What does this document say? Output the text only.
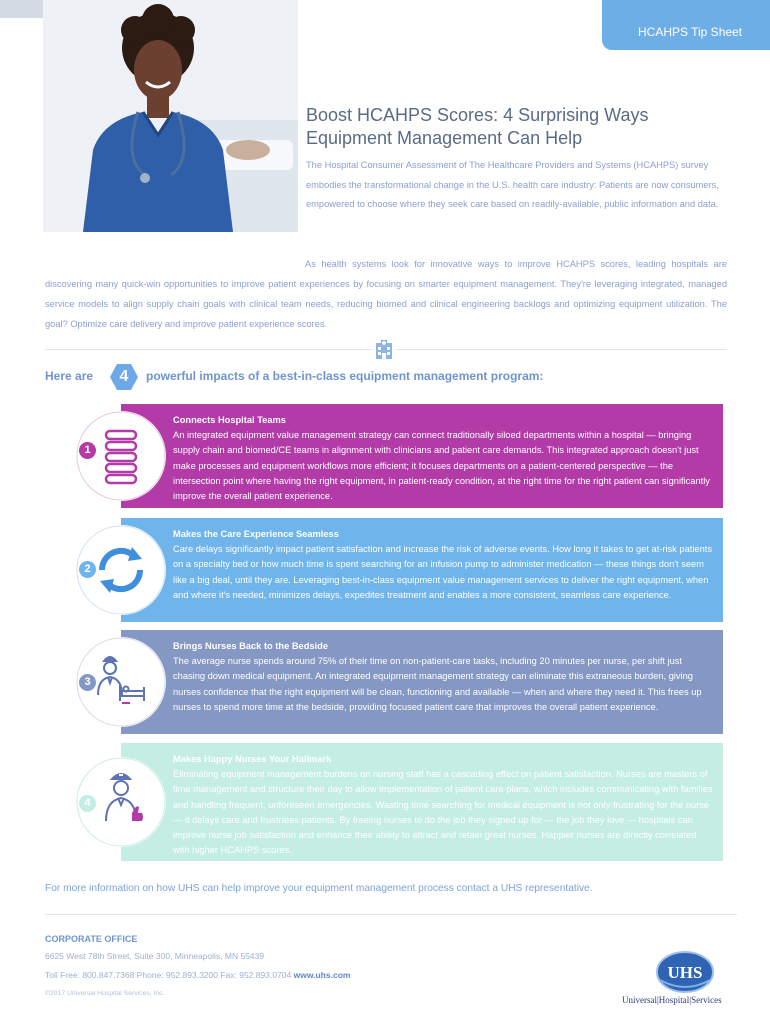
HCAHPS Tip Sheet
Boost HCAHPS Scores: 4 Surprising Ways Equipment Management Can Help
The Hospital Consumer Assessment of The Healthcare Providers and Systems (HCAHPS) survey embodies the transformational change in the U.S. health care industry: Patients are now consumers, empowered to choose where they seek care based on readily-available, public information and data.
As health systems look for innovative ways to improve HCAHPS scores, leading hospitals are discovering many quick-win opportunities to improve patient experiences by focusing on smarter equipment management. They're leveraging integrated, managed service models to align supply chain goals with clinical team needs, reducing biomed and clinical engineering backlogs and optimizing equipment utilization. The goal? Optimize care delivery and improve patient experience scores.
Here are	4	powerful impacts of a best-in-class equipment management program:
Connects Hospital Teams
An integrated equipment value management strategy can connect traditionally siloed departments within a hospital — bringing supply chain and biomed/CE teams in alignment with clinicians and patient care demands. This integrated approach doesn't just make processes and equipment workflows more efficient; it focuses departments on a patient-centered perspective — the intersection point where having the right equipment, in patient-ready condition, at the right time for the right patient can significantly improve the overall patient experience.
1
Makes the Care Experience Seamless
Care delays significantly impact patient satisfaction and increase the risk of adverse events. How long it takes to get at-risk patients on a specialty bed or how much time is spent searching for an infusion pump to administer medication — these things don't seem like a big deal, until they are. Leveraging best-in-class equipment value management services to deliver the right equipment, when and where it's needed, minimizes delays, expedites treatment and enables a more consistent, seamless care experience.
2
Brings Nurses Back to the Bedside
The average nurse spends around 75% of their time on non-patient-care tasks, including 20 minutes per nurse, per shift just chasing down medical equipment. An integrated equipment management strategy can eliminate this extraneous burden, giving nurses confidence that the right equipment will be clean, functioning and available — when and where they need it. This frees up nurses to spend more time at the bedside, providing focused patient care that improves the overall patient experience.
3
Makes Happy Nurses Your Hallmark
Eliminating equipment management burdens on nursing staff has a cascading effect on patient satisfaction. Nurses are masters of time management and structure their day to allow implementation of patient care plans, which includes communicating with families and handling frequent, unforeseen emergencies. Wasting time searching for medical equipment is not only frustrating for the nurse — it delays care and frustrates patients. By freeing nurses to do the job they signed up for — the job they love — hospitals can improve nurse job satisfaction and enhance their ability to attract and retain great nurses. Happier nurses are directly correlated with higher HCAHPS scores.
4
For more information on how UHS can help improve your equipment management process contact a UHS representative.
CORPORATE OFFICE
6625 West 78th Street, Suite 300, Minneapolis, MN 55439
Toll Free: 800.847.7368 Phone: 952.893.3200 Fax: 952.893.0704 www.uhs.com
©2017 Universal Hospital Services, Inc.
UHS
Universal|Hospital|Services
